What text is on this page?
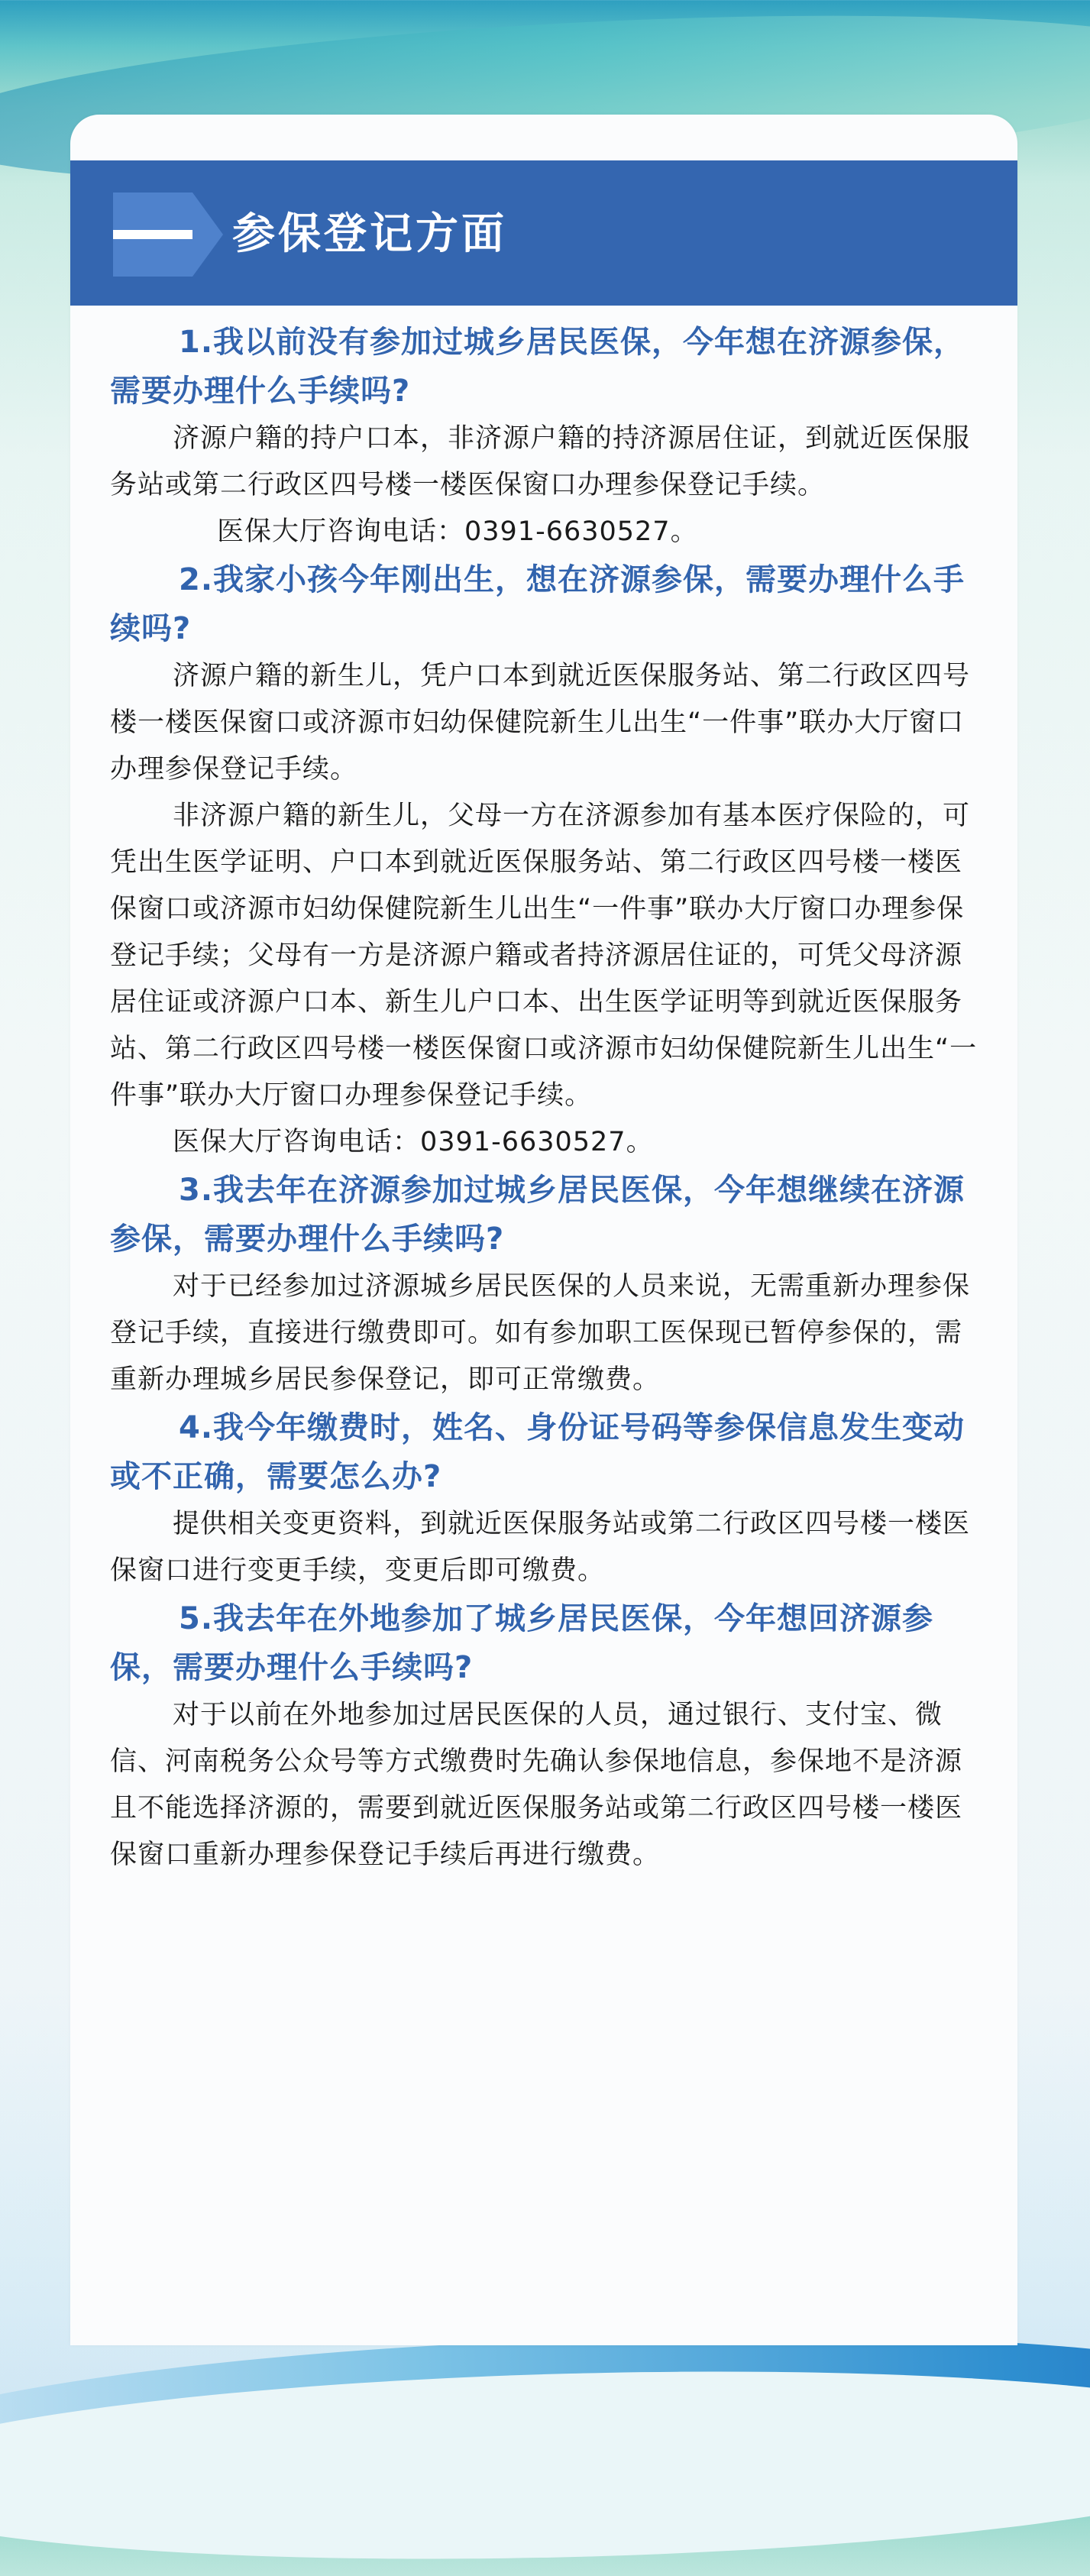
参保登记方面

1.我以前没有参加过城乡居民医保，今年想在济源参保，需要办理什么手续吗?

济源户籍的持户口本，非济源户籍的持济源居住证，到就近医保服务站或第二行政区四号楼一楼医保窗口办理参保登记手续。

医保大厅咨询电话：0391-6630527。

2.我家小孩今年刚出生，想在济源参保，需要办理什么手续吗?

济源户籍的新生儿，凭户口本到就近医保服务站、第二行政区四号楼一楼医保窗口或济源市妇幼保健院新生儿出生“一件事”联办大厅窗口办理参保登记手续。

非济源户籍的新生儿，父母一方在济源参加有基本医疗保险的，可凭出生医学证明、户口本到就近医保服务站、第二行政区四号楼一楼医保窗口或济源市妇幼保健院新生儿出生“一件事”联办大厅窗口办理参保登记手续；父母有一方是济源户籍或者持济源居住证的，可凭父母济源居住证或济源户口本、新生儿户口本、出生医学证明等到就近医保服务站、第二行政区四号楼一楼医保窗口或济源市妇幼保健院新生儿出生“一件事”联办大厅窗口办理参保登记手续。

医保大厅咨询电话：0391-6630527。

3.我去年在济源参加过城乡居民医保，今年想继续在济源参保，需要办理什么手续吗?

对于已经参加过济源城乡居民医保的人员来说，无需重新办理参保登记手续，直接进行缴费即可。如有参加职工医保现已暂停参保的，需重新办理城乡居民参保登记，即可正常缴费。

4.我今年缴费时，姓名、身份证号码等参保信息发生变动或不正确，需要怎么办?

提供相关变更资料，到就近医保服务站或第二行政区四号楼一楼医保窗口进行变更手续，变更后即可缴费。

5.我去年在外地参加了城乡居民医保，今年想回济源参保，需要办理什么手续吗?

对于以前在外地参加过居民医保的人员，通过银行、支付宝、微信、河南税务公众号等方式缴费时先确认参保地信息，参保地不是济源且不能选择济源的，需要到就近医保服务站或第二行政区四号楼一楼医保窗口重新办理参保登记手续后再进行缴费。
